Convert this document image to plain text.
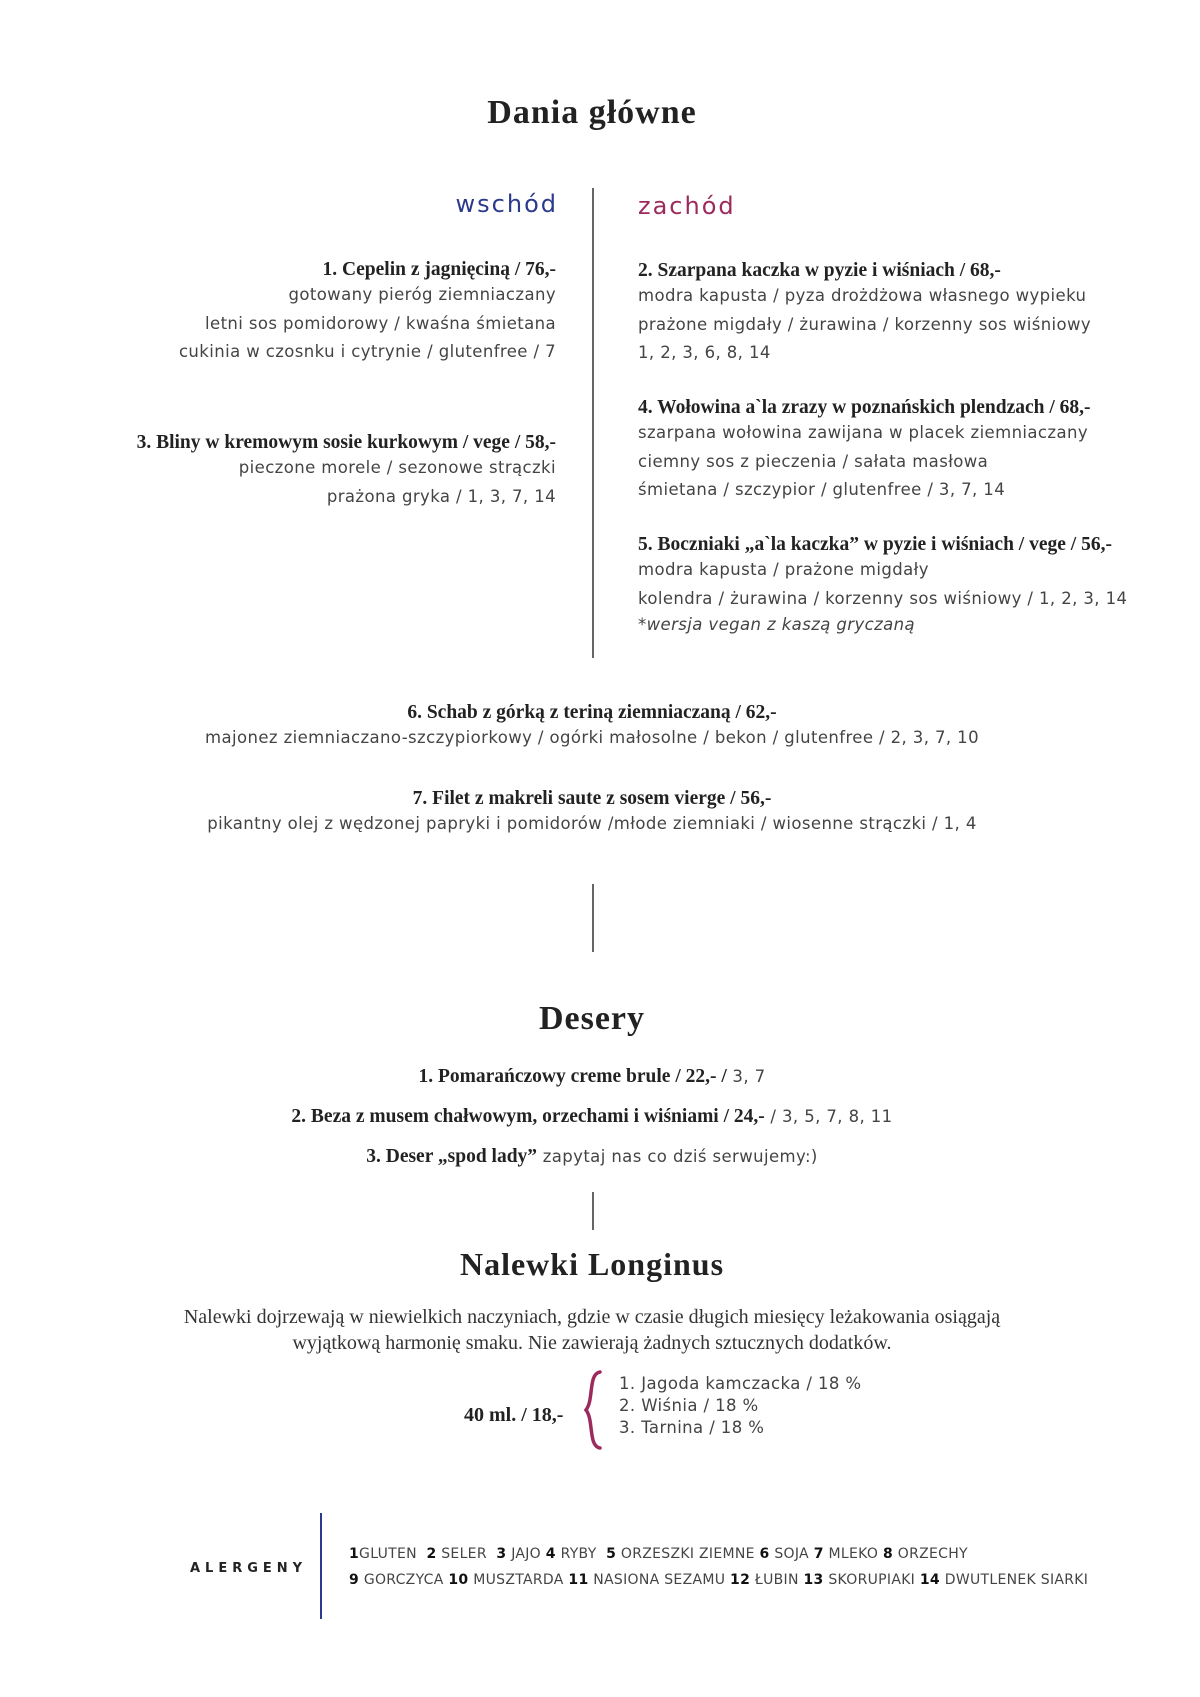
Dania główne
wschód	zachód
1. Cepelin z jagnięciną / 76,-
gotowany pieróg ziemniaczany
letni sos pomidorowy / kwaśna śmietana
cukinia w czosnku i cytrynie / glutenfree / 7
3. Bliny w kremowym sosie kurkowym / vege / 58,-
pieczone morele / sezonowe strączki
prażona gryka / 1, 3, 7, 14
2. Szarpana kaczka w pyzie i wiśniach / 68,-
modra kapusta / pyza drożdżowa własnego wypieku
prażone migdały / żurawina / korzenny sos wiśniowy
1, 2, 3, 6, 8, 14
4. Wołowina a`la zrazy w poznańskich plendzach / 68,-
szarpana wołowina zawijana w placek ziemniaczany
ciemny sos z pieczenia / sałata masłowa
śmietana / szczypior / glutenfree / 3, 7, 14
5. Boczniaki „a`la kaczka” w pyzie i wiśniach / vege / 56,-
modra kapusta / prażone migdały
kolendra / żurawina / korzenny sos wiśniowy / 1, 2, 3, 14
*wersja vegan z kaszą gryczaną
6. Schab z górką z teriną ziemniaczaną / 62,-
majonez ziemniaczano-szczypiorkowy / ogórki małosolne / bekon / glutenfree / 2, 3, 7, 10
7. Filet z makreli saute z sosem vierge / 56,-
pikantny olej z wędzonej papryki i pomidorów /młode ziemniaki / wiosenne strączki / 1, 4
Desery
1. Pomarańczowy creme brule / 22,- / 3, 7
2. Beza z musem chałwowym, orzechami i wiśniami / 24,- / 3, 5, 7, 8, 11
3. Deser „spod lady” zapytaj nas co dziś serwujemy:)
Nalewki Longinus
Nalewki dojrzewają w niewielkich naczyniach, gdzie w czasie długich miesięcy leżakowania osiągają
wyjątkową harmonię smaku. Nie zawierają żadnych sztucznych dodatków.
40 ml. / 18,-
1. Jagoda kamczacka / 18 %
2. Wiśnia / 18 %
3. Tarnina / 18 %
ALERGENY
1GLUTEN 2 SELER 3 JAJO 4 RYBY 5 ORZESZKI ZIEMNE 6 SOJA 7 MLEKO 8 ORZECHY
9 GORCZYCA 10 MUSZTARDA 11 NASIONA SEZAMU 12 ŁUBIN 13 SKORUPIAKI 14 DWUTLENEK SIARKI
